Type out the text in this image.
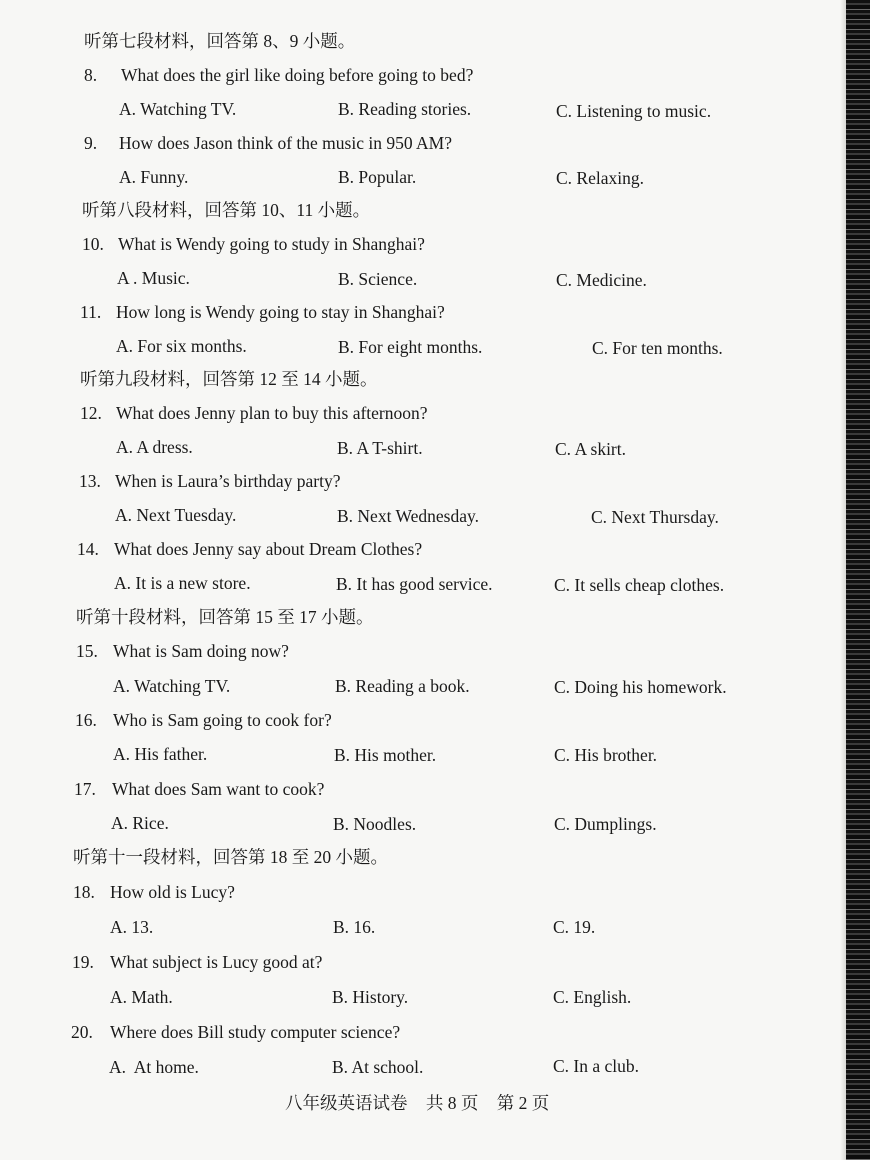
听第七段材料，回答第 8、9 小题。
8. What does the girl like doing before going to bed?
A. Watching TV.	B. Reading stories.	C. Listening to music.
9. How does Jason think of the music in 950 AM?
A. Funny.	B. Popular.	C. Relaxing.
听第八段材料，回答第 10、11 小题。
10. What is Wendy going to study in Shanghai?
A . Music.	B. Science.	C. Medicine.
11. How long is Wendy going to stay in Shanghai?
A. For six months.	B. For eight months.	C. For ten months.
听第九段材料，回答第 12 至 14 小题。
12. What does Jenny plan to buy this afternoon?
A. A dress.	B. A T-shirt.	C. A skirt.
13. When is Laura’s birthday party?
A. Next Tuesday.	B. Next Wednesday.	C. Next Thursday.
14. What does Jenny say about Dream Clothes?
A. It is a new store.	B. It has good service.	C. It sells cheap clothes.
听第十段材料，回答第 15 至 17 小题。
15. What is Sam doing now?
A. Watching TV.	B. Reading a book.	C. Doing his homework.
16. Who is Sam going to cook for?
A. His father.	B. His mother.	C. His brother.
17. What does Sam want to cook?
A. Rice.	B. Noodles.	C. Dumplings.
听第十一段材料，回答第 18 至 20 小题。
18. How old is Lucy?
A. 13.	B. 16.	C. 19.
19. What subject is Lucy good at?
A. Math.	B. History.	C. English.
20. Where does Bill study computer science?
A.  At home.	B. At school.	C. In a club.
八年级英语试卷 共 8 页 第 2 页
